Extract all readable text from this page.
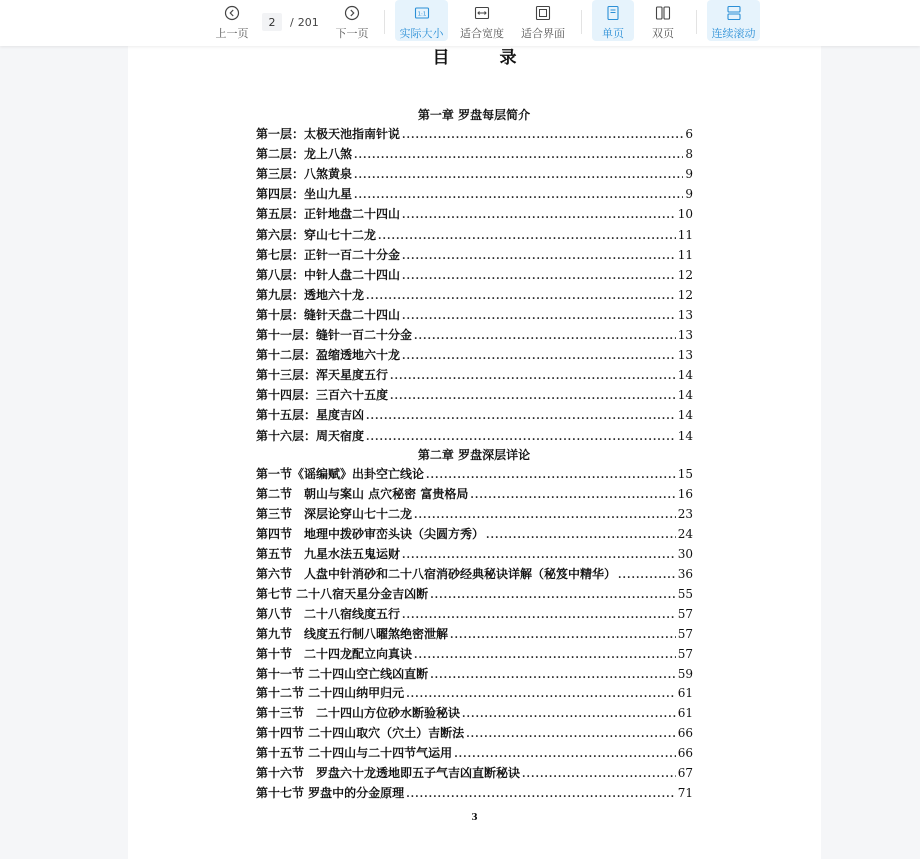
上一页
2
/ 201
下一页
1:1
实际大小 适合宽度 适合界面	单页	双页	连续滚动
目 录
第一章 罗盘每层简介
第一层：太极天池指南针说 .....	6
第二层：龙上八煞 .....	8
第三层：八煞黄泉 .....	9
第四层：坐山九星 .....	9
第五层：正针地盘二十四山 .....	10
第六层：穿山七十二龙 .....	11
第七层：正针一百二十分金 .....	11
第八层：中针人盘二十四山 .....	12
第九层：透地六十龙 .....	12
第十层：缝针天盘二十四山 .....	13
第十一层：缝针一百二十分金 .....	13
第十二层：盈缩透地六十龙 .....	13
第十三层：浑天星度五行 .....	14
第十四层：三百六十五度 .....	14
第十五层：星度吉凶 .....	14
第十六层：周天宿度 .....	14
第二章 罗盘深层详论
第一节《谣编赋》出卦空亡线论 .....	15
第二节　朝山与案山 点穴秘密 富贵格局 .....	16
第三节　深层论穿山七十二龙 .....	23
第四节　地理中拨砂审峦头诀（尖圆方秀） .....	24
第五节　九星水法五鬼运财 .....	30
第六节　人盘中针消砂和二十八宿消砂经典秘诀详解（秘笈中精华） .....	36
第七节 二十八宿天星分金吉凶断 .....	55
第八节　二十八宿线度五行 .....	57
第九节　线度五行制八曜煞绝密泄解 .....	57
第十节　二十四龙配立向真诀 .....	57
第十一节 二十四山空亡线凶直断 .....	59
第十二节 二十四山纳甲归元 .....	61
第十三节　二十四山方位砂水断验秘诀 .....	61
第十四节 二十四山取穴（穴土）吉断法 .....	66
第十五节 二十四山与二十四节气运用 .....	66
第十六节　罗盘六十龙透地即五子气吉凶直断秘诀 .....	67
第十七节 罗盘中的分金原理 .....	71
3
